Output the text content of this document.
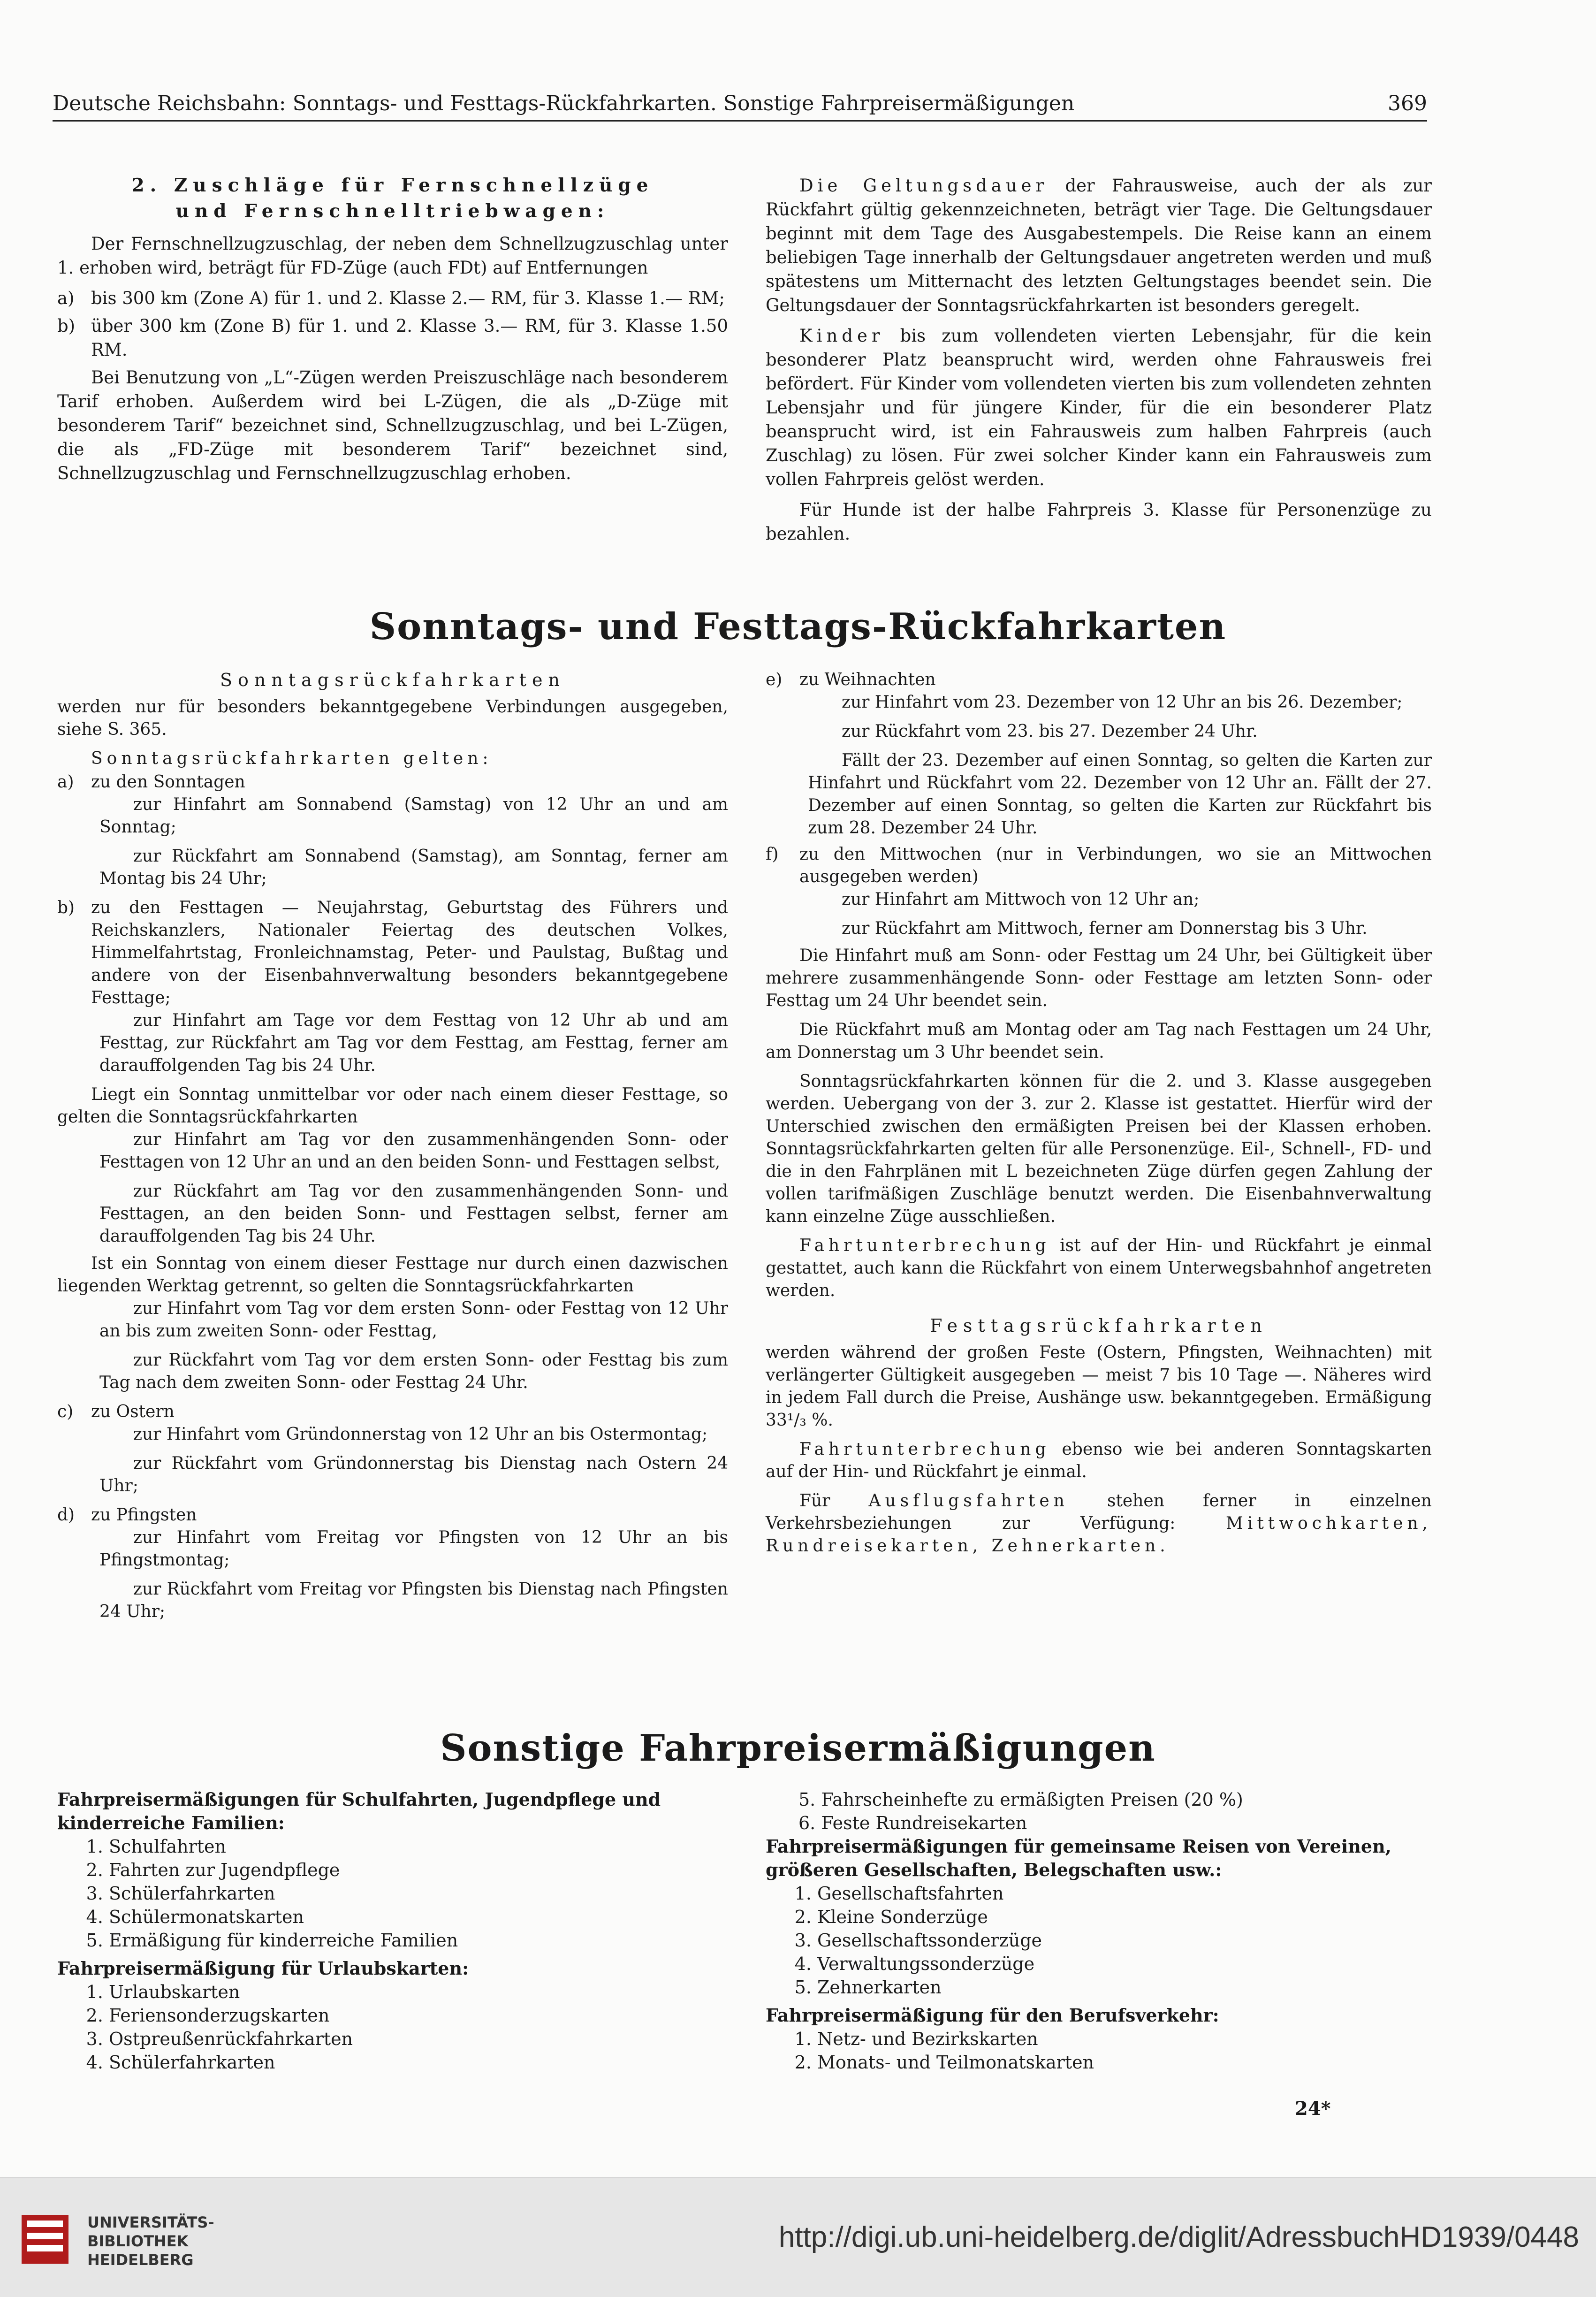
Deutsche Reichsbahn: Sonntags- und Festtags-Rückfahrkarten. Sonstige Fahrpreisermäßigungen	369
2. Zuschläge für Fernschnellzüge
und Fernschnelltriebwagen:

Der Fernschnellzugzuschlag, der neben dem Schnellzugzuschlag unter 1. erhoben wird, beträgt für FD-Züge (auch FDt) auf Entfernungen

a) bis 300 km (Zone A) für 1. und 2. Klasse 2.— RM, für 3. Klasse 1.— RM;
b) über 300 km (Zone B) für 1. und 2. Klasse 3.— RM, für 3. Klasse 1.50 RM.

Bei Benutzung von „L“-Zügen werden Preiszuschläge nach besonderem Tarif erhoben. Außerdem wird bei L-Zügen, die als „D-Züge mit besonderem Tarif“ bezeichnet sind, Schnellzugzuschlag, und bei L-Zügen, die als „FD-Züge mit besonderem Tarif“ bezeichnet sind, Schnellzugzuschlag und Fernschnellzugzuschlag erhoben.

Die Geltungsdauer der Fahrausweise, auch der als zur Rückfahrt gültig gekennzeichneten, beträgt vier Tage. Die Geltungsdauer beginnt mit dem Tage des Ausgabestempels. Die Reise kann an einem beliebigen Tage innerhalb der Geltungsdauer angetreten werden und muß spätestens um Mitternacht des letzten Geltungstages beendet sein. Die Geltungsdauer der Sonntagsrückfahrkarten ist besonders geregelt.

Kinder bis zum vollendeten vierten Lebensjahr, für die kein besonderer Platz beansprucht wird, werden ohne Fahrausweis frei befördert. Für Kinder vom vollendeten vierten bis zum vollendeten zehnten Lebensjahr und für jüngere Kinder, für die ein besonderer Platz beansprucht wird, ist ein Fahrausweis zum halben Fahrpreis (auch Zuschlag) zu lösen. Für zwei solcher Kinder kann ein Fahrausweis zum vollen Fahrpreis gelöst werden.

Für Hunde ist der halbe Fahrpreis 3. Klasse für Personenzüge zu bezahlen.

Sonntags- und Festtags-Rückfahrkarten
Sonntagsrückfahrkarten

werden nur für besonders bekanntgegebene Verbindungen ausgegeben, siehe S. 365.

Sonntagsrückfahrkarten gelten:

a)	zu den Sonntagen

zur Hinfahrt am Sonnabend (Samstag) von 12 Uhr an und am Sonntag;

zur Rückfahrt am Sonnabend (Samstag), am Sonntag, ferner am Montag bis 24 Uhr;

b) zu den Festtagen — Neujahrstag, Geburtstag des Führers und Reichskanzlers, Nationaler Feiertag des deutschen Volkes, Himmelfahrtstag, Fronleichnamstag, Peter- und Paulstag, Bußtag und andere von der Eisenbahnverwaltung besonders bekanntgegebene Festtage;

zur Hinfahrt am Tage vor dem Festtag von 12 Uhr ab und am Festtag, zur Rückfahrt am Tag vor dem Festtag, am Festtag, ferner am darauffolgenden Tag bis 24 Uhr.

Liegt ein Sonntag unmittelbar vor oder nach einem dieser Festtage, so gelten die Sonntagsrückfahrkarten

zur Hinfahrt am Tag vor den zusammenhängenden Sonn- oder Festtagen von 12 Uhr an und an den beiden Sonn- und Festtagen selbst,

zur Rückfahrt am Tag vor den zusammenhängenden Sonn- und Festtagen, an den beiden Sonn- und Festtagen selbst, ferner am darauffolgenden Tag bis 24 Uhr.

Ist ein Sonntag von einem dieser Festtage nur durch einen dazwischen liegenden Werktag getrennt, so gelten die Sonntagsrückfahrkarten

zur Hinfahrt vom Tag vor dem ersten Sonn- oder Festtag von 12 Uhr an bis zum zweiten Sonn- oder Festtag,

zur Rückfahrt vom Tag vor dem ersten Sonn- oder Festtag bis zum Tag nach dem zweiten Sonn- oder Festtag 24 Uhr.

c)	zu Ostern

zur Hinfahrt vom Gründonnerstag von 12 Uhr an bis Ostermontag;

zur Rückfahrt vom Gründonnerstag bis Dienstag nach Ostern 24 Uhr;

d) zu Pfingsten

zur Hinfahrt vom Freitag vor Pfingsten von 12 Uhr an bis Pfingstmontag;

zur Rückfahrt vom Freitag vor Pfingsten bis Dienstag nach Pfingsten 24 Uhr;

e)	zu Weihnachten

zur Hinfahrt vom 23. Dezember von 12 Uhr an bis 26. Dezember;

zur Rückfahrt vom 23. bis 27. Dezember 24 Uhr.

Fällt der 23. Dezember auf einen Sonntag, so gelten die Karten zur Hinfahrt und Rückfahrt vom 22. Dezember von 12 Uhr an. Fällt der 27. Dezember auf einen Sonntag, so gelten die Karten zur Rückfahrt bis zum 28. Dezember 24 Uhr.

f)	zu den Mittwochen (nur in Verbindungen, wo sie an Mittwochen ausgegeben werden)

zur Hinfahrt am Mittwoch von 12 Uhr an;

zur Rückfahrt am Mittwoch, ferner am Donnerstag bis 3 Uhr.

Die Hinfahrt muß am Sonn- oder Festtag um 24 Uhr, bei Gültigkeit über mehrere zusammenhängende Sonn- oder Festtage am letzten Sonn- oder Festtag um 24 Uhr beendet sein.

Die Rückfahrt muß am Montag oder am Tag nach Festtagen um 24 Uhr, am Donnerstag um 3 Uhr beendet sein.

Sonntagsrückfahrkarten können für die 2. und 3. Klasse ausgegeben werden. Uebergang von der 3. zur 2. Klasse ist gestattet. Hierfür wird der Unterschied zwischen den ermäßigten Preisen bei der Klassen erhoben. Sonntagsrückfahrkarten gelten für alle Personenzüge. Eil-, Schnell-, FD- und die in den Fahrplänen mit L bezeichneten Züge dürfen gegen Zahlung der vollen tarifmäßigen Zuschläge benutzt werden. Die Eisenbahnverwaltung kann einzelne Züge ausschließen.

Fahrtunterbrechung ist auf der Hin- und Rückfahrt je einmal gestattet, auch kann die Rückfahrt von einem Unterwegsbahnhof angetreten werden.

Festtagsrückfahrkarten

werden während der großen Feste (Ostern, Pfingsten, Weihnachten) mit verlängerter Gültigkeit ausgegeben — meist 7 bis 10 Tage —. Näheres wird in jedem Fall durch die Preise, Aushänge usw. bekanntgegeben. Ermäßigung 33¹/₃ %.

Fahrtunterbrechung ebenso wie bei anderen Sonntagskarten auf der Hin- und Rückfahrt je einmal.

Für Ausflugsfahrten stehen ferner in einzelnen Verkehrsbeziehungen zur Verfügung: Mittwochkarten, Rundreisekarten, Zehnerkarten.

Sonstige Fahrpreisermäßigungen

Fahrpreisermäßigungen für Schulfahrten, Jugendpflege und kinderreiche Familien:

1. Schulfahrten
2. Fahrten zur Jugendpflege
3. Schülerfahrkarten
4. Schülermonatskarten
5. Ermäßigung für kinderreiche Familien

Fahrpreisermäßigung für Urlaubskarten:

1. Urlaubskarten
2. Feriensonderzugskarten
3. Ostpreußenrückfahrkarten
4. Schülerfahrkarten

5. Fahrscheinhefte zu ermäßigten Preisen (20 %)

6. Feste Rundreisekarten

Fahrpreisermäßigungen für gemeinsame Reisen von Vereinen, größeren Gesellschaften, Belegschaften usw.:

1. Gesellschaftsfahrten
2. Kleine Sonderzüge
3. Gesellschaftssonderzüge
4. Verwaltungssonderzüge
5. Zehnerkarten

Fahrpreisermäßigung für den Berufsverkehr:

1. Netz- und Bezirkskarten
2. Monats- und Teilmonatskarten
24*
UNIVERSITÄTS-
BIBLIOTHEK
HEIDELBERG
http://digi.ub.uni-heidelberg.de/diglit/AdressbuchHD1939/0448
